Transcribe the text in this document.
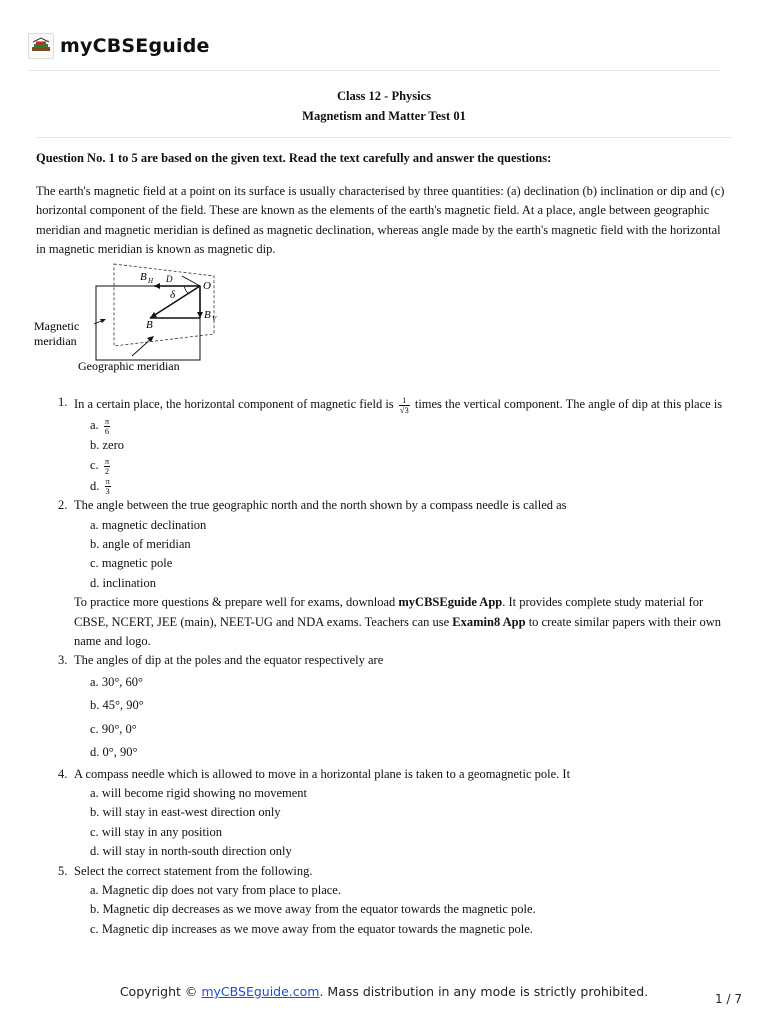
myCBSEguide
Class 12 - Physics
Magnetism and Matter Test 01
Question No. 1 to 5 are based on the given text. Read the text carefully and answer the questions:
The earth's magnetic field at a point on its surface is usually characterised by three quantities: (a) declination (b) inclination or dip and (c) horizontal component of the field. These are known as the elements of the earth's magnetic field. At a place, angle between geographic meridian and magnetic meridian is defined as magnetic declination, whereas angle made by the earth's magnetic field with the horizontal in magnetic meridian is known as magnetic dip.
B H D
δ
O
B V
B
Magnetic
meridian
Geographic meridian
1. In a certain place, the horizontal component of magnetic field is $\frac{1}{√3}$ times the vertical component. The angle of dip at this place is
a. $\frac{\pi}{6}$
b. zero
c. $\frac{\pi}{2}$
d. $\frac{\pi}{3}$
2. The angle between the true geographic north and the north shown by a compass needle is called as
a. magnetic declination
b. angle of meridian
c. magnetic pole
d. inclination
To practice more questions & prepare well for exams, download myCBSEguide App. It provides complete study material for CBSE, NCERT, JEE (main), NEET-UG and NDA exams. Teachers can use Examin8 App to create similar papers with their own name and logo.
3. The angles of dip at the poles and the equator respectively are
a. 30°, 60°
b. 45°, 90°
c. 90°, 0°
d. 0°, 90°
4. A compass needle which is allowed to move in a horizontal plane is taken to a geomagnetic pole. It
a. will become rigid showing no movement
b. will stay in east-west direction only
c. will stay in any position
d. will stay in north-south direction only
5. Select the correct statement from the following.
a. Magnetic dip does not vary from place to place.
b. Magnetic dip decreases as we move away from the equator towards the magnetic pole.
c. Magnetic dip increases as we move away from the equator towards the magnetic pole.
Copyright © myCBSEguide.com. Mass distribution in any mode is strictly prohibited.	1 / 7
